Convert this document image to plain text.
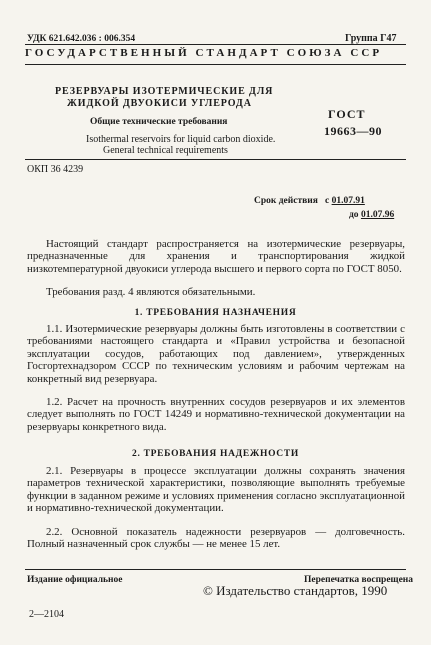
УДК 621.642.036 : 006.354	Группа Г47
ГОСУДАРСТВЕННЫЙ СТАНДАРТ СОЮЗА ССР
РЕЗЕРВУАРЫ ИЗОТЕРМИЧЕСКИЕ ДЛЯ
ЖИДКОЙ ДВУОКИСИ УГЛЕРОДА
Общие технические требования
Isothermal reservoirs for liquid carbon dioxide.
General technical requirements
ГОСТ
19663—90
ОКП 36 4239
Срок действия с 01.07.91
до 01.07.96
Настоящий стандарт распространяется на изотермические резервуары, предназначенные для хранения и транспортирования жидкой низкотемпературной двуокиси углерода высшего и первого сорта по ГОСТ 8050.
Требования разд. 4 являются обязательными.
1. ТРЕБОВАНИЯ НАЗНАЧЕНИЯ
1.1. Изотермические резервуары должны быть изготовлены в соответствии с требованиями настоящего стандарта и «Правил устройства и безопасной эксплуатации сосудов, работающих под давлением», утвержденных Госгортехнадзором СССР по техническим условиям и рабочим чертежам на конкретный вид резервуара.
1.2. Расчет на прочность внутренних сосудов резервуаров и их элементов следует выполнять по ГОСТ 14249 и нормативно-технической документации на резервуары конкретного вида.
2. ТРЕБОВАНИЯ НАДЕЖНОСТИ
2.1. Резервуары в процессе эксплуатации должны сохранять значения параметров технической характеристики, позволяющие выполнять требуемые функции в заданном режиме и условиях применения согласно эксплуатационной и нормативно-технической документации.
2.2. Основной показатель надежности резервуаров — долговечность. Полный назначенный срок службы — не менее 15 лет.
Издание официальное	Перепечатка воспрещена
© Издательство стандартов, 1990
2—2104
